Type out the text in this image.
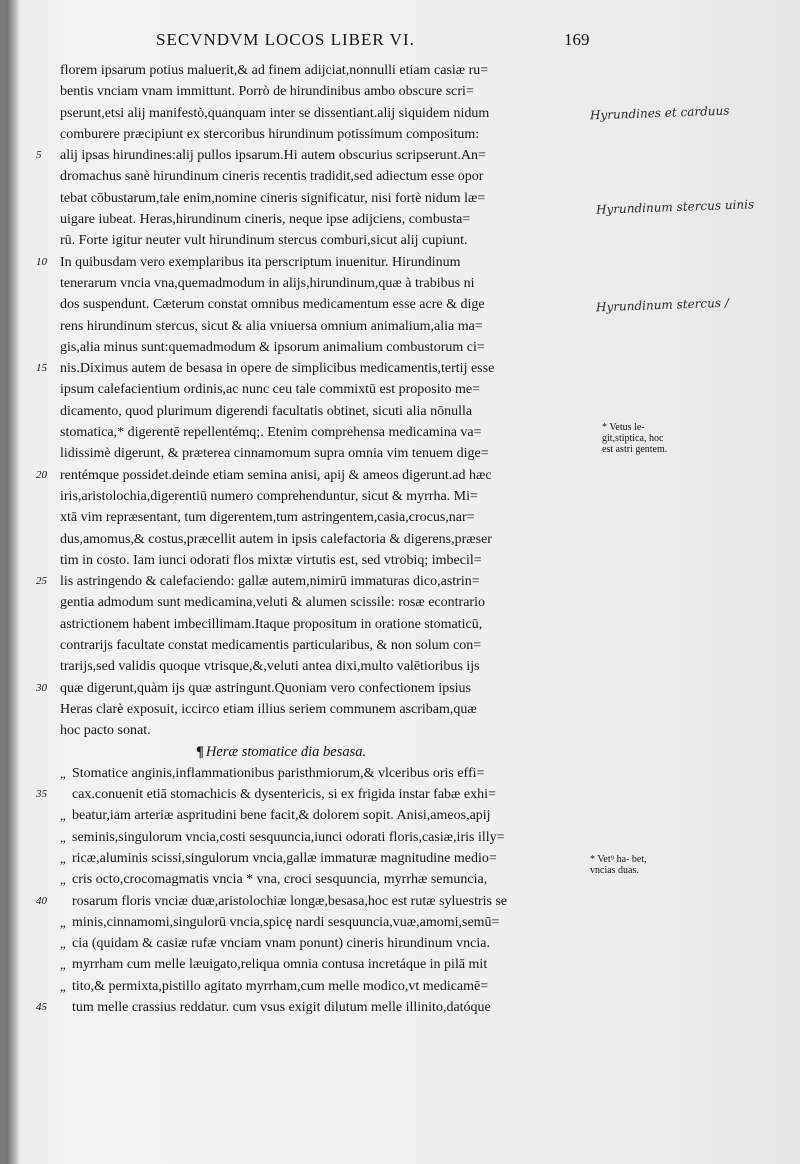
SECVNDVM LOCOS LIBER VI.	169
florem ipsarum potius maluerit,& ad finem adijciat,nonnulli etiam casiæ ru=
bentis vnciam vnam immittunt. Porrò de hirundinibus ambo obscure scri=
pserunt,etsi alij manifestò,quanquam inter se dissentiant.alij siquidem nidum
comburere præcipiunt ex stercoribus hirundinum potissimum compositum:
5	alij ipsas hirundines:alij pullos ipsarum.Hi autem obscurius scripserunt.An=
dromachus sanè hirundinum cineris recentis tradidit,sed adiectum esse opor
tebat cōbustarum,tale enim,nomine cineris significatur, nisi fortè nidum læ=
uigare iubeat. Heras,hirundinum cineris, neque ipse adijciens, combusta=
rū. Forte igitur neuter vult hirundinum stercus comburi,sicut alij cupiunt.
10 In quibusdam vero exemplaribus ita perscriptum inuenitur. Hirundinum
tenerarum vncia vna,quemadmodum in alijs,hirundinum,quæ à trabibus ni
dos suspendunt. Cæterum constat omnibus medicamentum esse acre & dige
rens hirundinum stercus, sicut & alia vniuersa omnium animalium,alia ma=
gis,alia minus sunt:quemadmodum & ipsorum animalium combustorum ci=
15 nis.Diximus autem de besasa in opere de simplicibus medicamentis,tertij esse
ipsum calefacientium ordinis,ac nunc ceu tale commixtū est proposito me=
dicamento, quod plurimum digerendi facultatis obtinet, sicuti alia nōnulla
stomatica,* digerentē repellentémq;. Etenim comprehensa medicamina va=
lidissimè digerunt, & præterea cinnamomum supra omnia vim tenuem dige=
20 rentémque possidet.deinde etiam semina anisi, apij & ameos digerunt.ad hæc
iris,aristolochia,digerentiū numero comprehenduntur, sicut & myrrha. Mi=
xtā vim repræsentant, tum digerentem,tum astringentem,casia,crocus,nar=
dus,amomus,& costus,præcellit autem in ipsis calefactoria & digerens,præser
tim in costo. Iam iunci odorati flos mixtæ virtutis est, sed vtrobiq; imbecil=
25 lis astringendo & calefaciendo: gallæ autem,nimirū immaturas dico,astrin=
gentia admodum sunt medicamina,veluti & alumen scissile: rosæ econtrario
astrictionem habent imbecillimam.Itaque propositum in oratione stomaticū,
contrarijs facultate constat medicamentis particularibus, & non solum con=
trarijs,sed validis quoque vtrisque,&,veluti antea dixi,multo valētioribus ijs
30 quæ digerunt,quàm ijs quæ astringunt.Quoniam vero confectionem ipsius
Heras clarè exposuit, iccirco etiam illius seriem communem ascribam,quæ
hoc pacto sonat.
¶ Heræ stomatice dia besasa.
„ Stomatice anginis,inflammationibus paristhmiorum,& vlceribus oris effi=
35	cax.conuenit etiā stomachicis & dysentericis, si ex frigida instar fabæ exhi=
„ beatur,iam arteriæ aspritudini bene facit,& dolorem sopit. Anisi,ameos,apij
„ seminis,singulorum vncia,costi sesquuncia,iunci odorati floris,casiæ,iris illy=
„ ricæ,aluminis scissi,singulorum vncia,gallæ immaturæ magnitudine medio=
„ cris octo,crocomagmatis vncia * vna, croci sesquuncia, myrrhæ semuncia,
40	rosarum floris vnciæ duæ,aristolochiæ longæ,besasa,hoc est rutæ syluestris se
„ minis,cinnamomi,singulorū vncia,spicę nardi sesquuncia,vuæ,amomi,semū=
„ cia (quidam & casiæ rufæ vnciam vnam ponunt) cineris hirundinum vncia.
„ myrrham cum melle læuigato,reliqua omnia contusa incretáque in pilā mit
„ tito,& permixta,pistillo agitato myrrham,cum melle modico,vt medicamē=
45	tum melle crassius reddatur. cum vsus exigit dilutum melle illinito,datóque
* Vetus le- git,stiptica, hoc est astri gentem.
* Vet⁹ ha- bet, vncias duas.
Hyrundines et carduus
Hyrundinum stercus uinis
Hyrundinum stercus /
